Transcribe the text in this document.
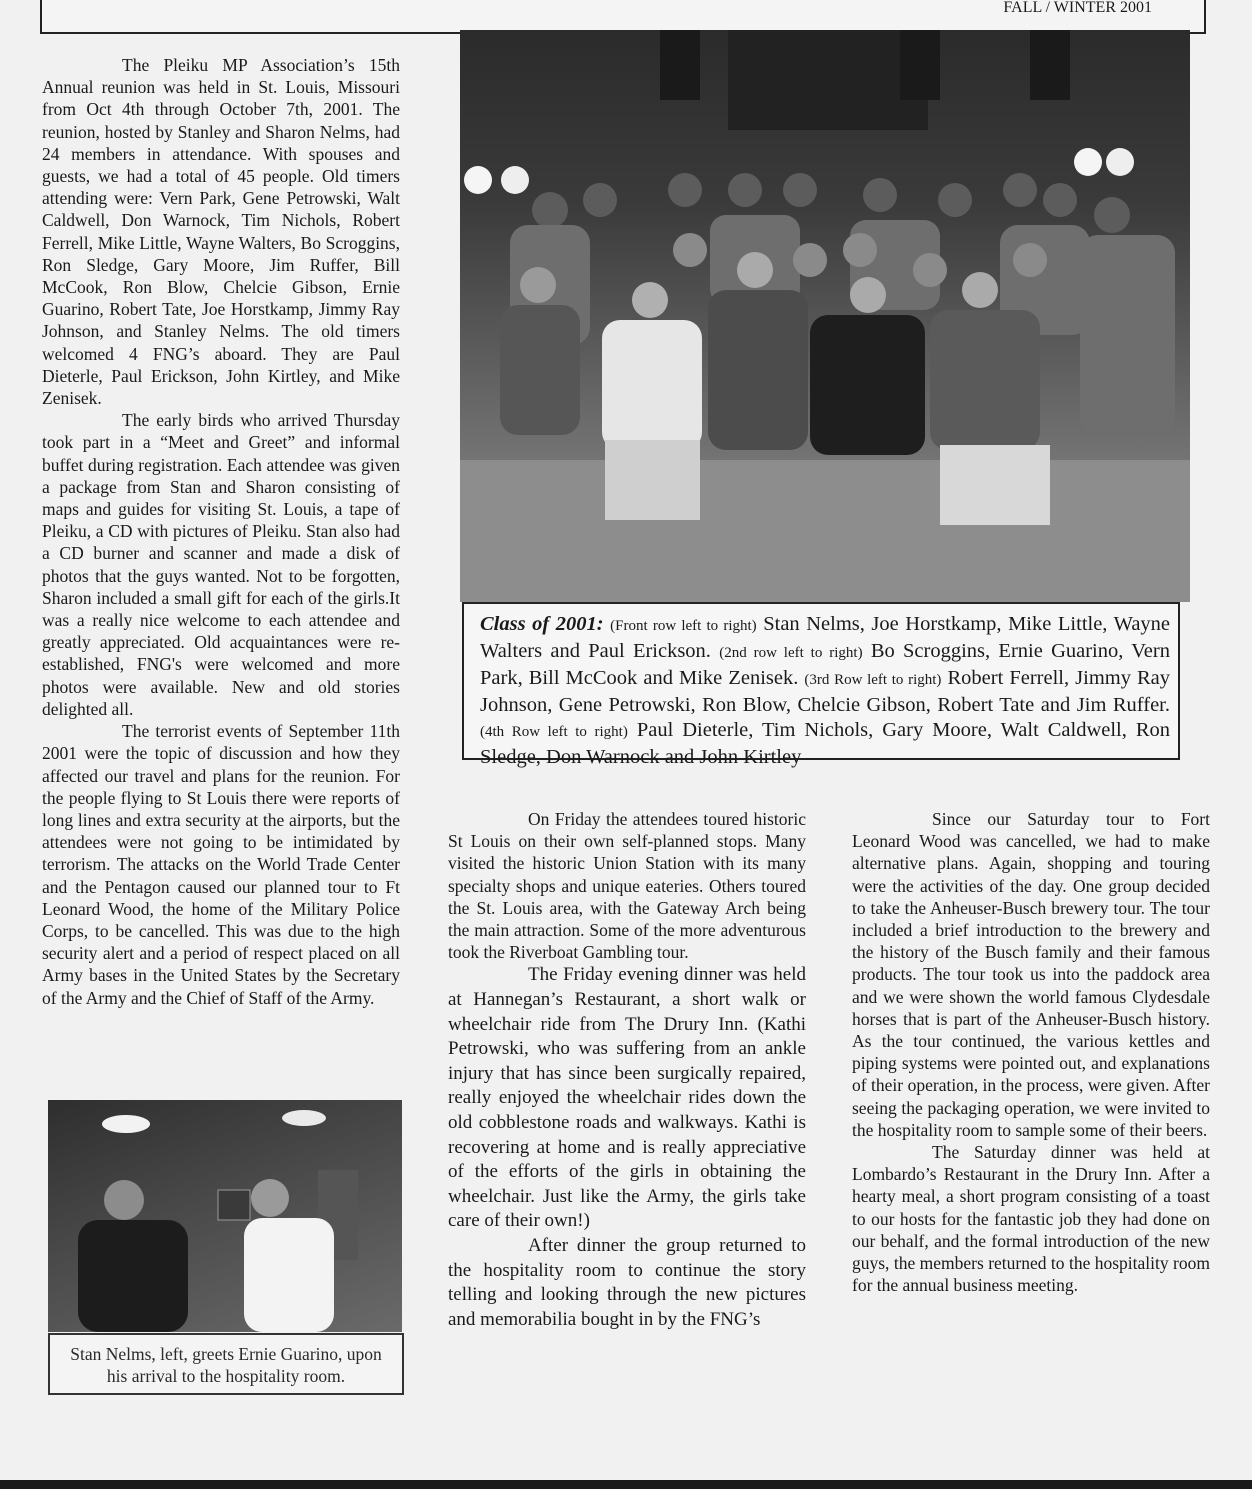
FALL / WINTER 2001

The Pleiku MP Association’s 15th Annual reunion was held in St. Louis, Missouri from Oct 4th through October 7th, 2001. The reunion, hosted by Stanley and Sharon Nelms, had 24 members in attendance. With spouses and guests, we had a total of 45 people. Old timers attending were: Vern Park, Gene Petrowski, Walt Caldwell, Don Warnock, Tim Nichols, Robert Ferrell, Mike Little, Wayne Walters, Bo Scroggins, Ron Sledge, Gary Moore, Jim Ruffer, Bill McCook, Ron Blow, Chelcie Gibson, Ernie Guarino, Robert Tate, Joe Horstkamp, Jimmy Ray Johnson, and Stanley Nelms. The old timers welcomed 4 FNG’s aboard. They are Paul Dieterle, Paul Erickson, John Kirtley, and Mike Zenisek.

The early birds who arrived Thursday took part in a “Meet and Greet” and informal buffet during registration. Each attendee was given a package from Stan and Sharon consisting of maps and guides for visiting St. Louis, a tape of Pleiku, a CD with pictures of Pleiku. Stan also had a CD burner and scanner and made a disk of photos that the guys wanted. Not to be forgotten, Sharon included a small gift for each of the girls.It was a really nice welcome to each attendee and greatly appreciated. Old acquaintances were re-established, FNG's were welcomed and more photos were available. New and old stories delighted all.

The terrorist events of September 11th 2001 were the topic of discussion and how they affected our travel and plans for the reunion. For the people flying to St Louis there were reports of long lines and extra security at the airports, but the attendees were not going to be intimidated by terrorism. The attacks on the World Trade Center and the Pentagon caused our planned tour to Ft Leonard Wood, the home of the Military Police Corps, to be cancelled. This was due to the high security alert and a period of respect placed on all Army bases in the United States by the Secretary of the Army and the Chief of Staff of the Army.

Class of 2001: (Front row left to right) Stan Nelms, Joe Horstkamp, Mike Little, Wayne Walters and Paul Erickson. (2nd row left to right) Bo Scroggins, Ernie Guarino, Vern Park, Bill McCook and Mike Zenisek. (3rd Row left to right) Robert Ferrell, Jimmy Ray Johnson, Gene Petrowski, Ron Blow, Chelcie Gibson, Robert Tate and Jim Ruffer. (4th Row left to right) Paul Dieterle, Tim Nichols, Gary Moore, Walt Caldwell, Ron Sledge, Don Warnock and John Kirtley
Stan Nelms, left, greets Ernie Guarino, upon his arrival to the hospitality room.

On Friday the attendees toured historic St Louis on their own self-planned stops. Many visited the historic Union Station with its many specialty shops and unique eateries. Others toured the St. Louis area, with the Gateway Arch being the main attraction. Some of the more adventurous took the Riverboat Gambling tour.

The Friday evening dinner was held at Hannegan’s Restaurant, a short walk or wheelchair ride from The Drury Inn. (Kathi Petrowski, who was suffering from an ankle injury that has since been surgically repaired, really enjoyed the wheelchair rides down the old cobblestone roads and walkways. Kathi is recovering at home and is really appreciative of the efforts of the girls in obtaining the wheelchair. Just like the Army, the girls take care of their own!)

After dinner the group returned to the hospitality room to continue the story telling and looking through the new pictures and memorabilia bought in by the FNG’s

Since our Saturday tour to Fort Leonard Wood was cancelled, we had to make alternative plans. Again, shopping and touring were the activities of the day. One group decided to take the Anheuser-Busch brewery tour. The tour included a brief introduction to the brewery and the history of the Busch family and their famous products. The tour took us into the paddock area and we were shown the world famous Clydesdale horses that is part of the Anheuser-Busch history. As the tour continued, the various kettles and piping systems were pointed out, and explanations of their operation, in the process, were given. After seeing the packaging operation, we were invited to the hospitality room to sample some of their beers.

The Saturday dinner was held at Lombardo’s Restaurant in the Drury Inn. After a hearty meal, a short program consisting of a toast to our hosts for the fantastic job they had done on our behalf, and the formal introduction of the new guys, the members returned to the hospitality room for the annual business meeting.
